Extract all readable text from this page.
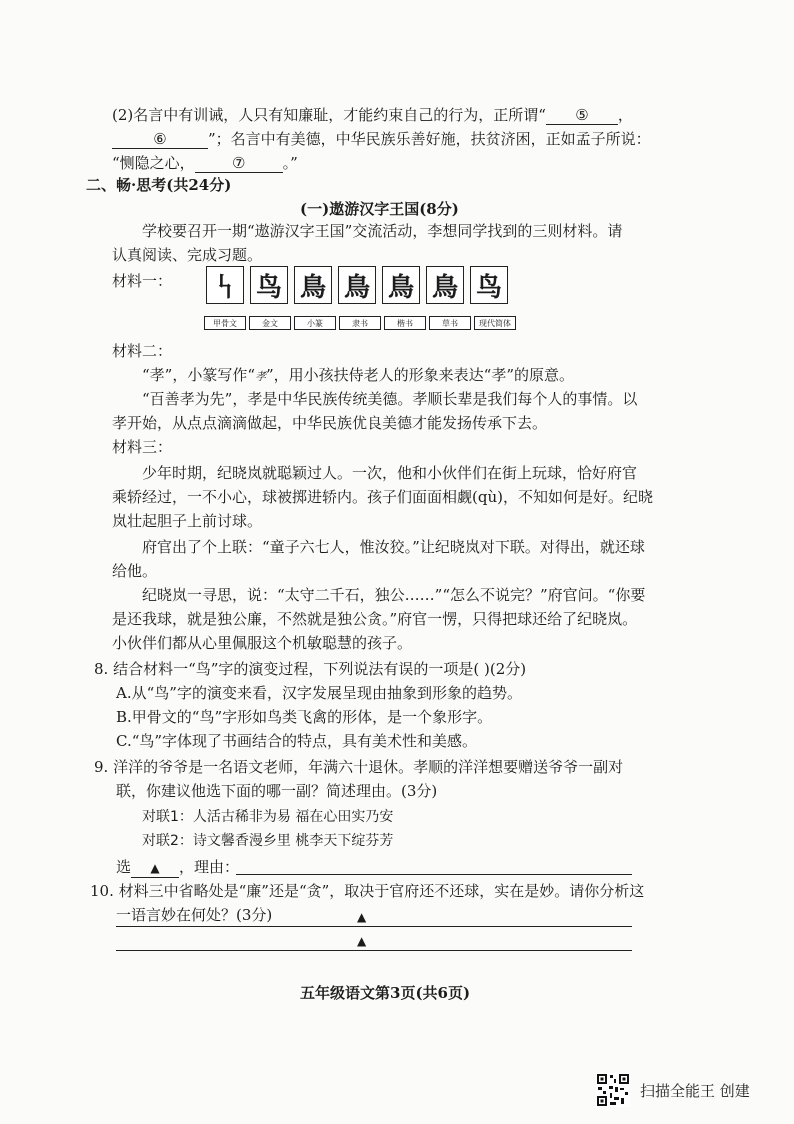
(2)名言中有训诫，人只有知廉耻，才能约束自己的行为，正所谓“ ⑤ ，
⑥	”；名言中有美德，中华民族乐善好施，扶贫济困，正如孟子所说：
“恻隐之心， ⑦ 。”
二、畅·思考(共24分)
(一)遨游汉字王国(8分)
学校要召开一期“遨游汉字王国”交流活动，李想同学找到的三则材料。请
认真阅读、完成习题。
材料一： 𠃑 鸟 鳥 鳥 鳥 鳥 鸟
甲骨文	金文	小篆	隶书	楷书	草书	现代简体
材料二：
“孝”，小篆写作“孝”，用小孩扶侍老人的形象来表达“孝”的原意。
“百善孝为先”，孝是中华民族传统美德。孝顺长辈是我们每个人的事情。以
孝开始，从点点滴滴做起，中华民族优良美德才能发扬传承下去。
材料三：
少年时期，纪晓岚就聪颖过人。一次，他和小伙伴们在街上玩球，恰好府官
乘轿经过，一不小心，球被掷进轿内。孩子们面面相觑(qù)，不知如何是好。纪晓
岚壮起胆子上前讨球。
府官出了个上联：“童子六七人，惟汝狡。”让纪晓岚对下联。对得出，就还球
给他。
纪晓岚一寻思，说：“太守二千石，独公……”“怎么不说完？”府官问。“你要
是还我球，就是独公廉，不然就是独公贪。”府官一愣，只得把球还给了纪晓岚。
小伙伴们都从心里佩服这个机敏聪慧的孩子。
8. 结合材料一“鸟”字的演变过程，下列说法有误的一项是( )(2分)
A.从“鸟”字的演变来看，汉字发展呈现由抽象到形象的趋势。
B.甲骨文的“鸟”字形如鸟类飞禽的形体，是一个象形字。
C.“鸟”字体现了书画结合的特点，具有美术性和美感。
9. 洋洋的爷爷是一名语文老师，年满六十退休。孝顺的洋洋想要赠送爷爷一副对
联，你建议他选下面的哪一副？简述理由。(3分)
对联1：人活古稀非为易 福在心田实乃安
对联2：诗文馨香漫乡里 桃李天下绽芬芳
选 ▲ ，理由：
10. 材料三中省略处是“廉”还是“贪”，取决于官府还不还球，实在是妙。请你分析这
一语言妙在何处？(3分)	▲
▲
五年级语文第3页(共6页)
扫描全能王 创建
